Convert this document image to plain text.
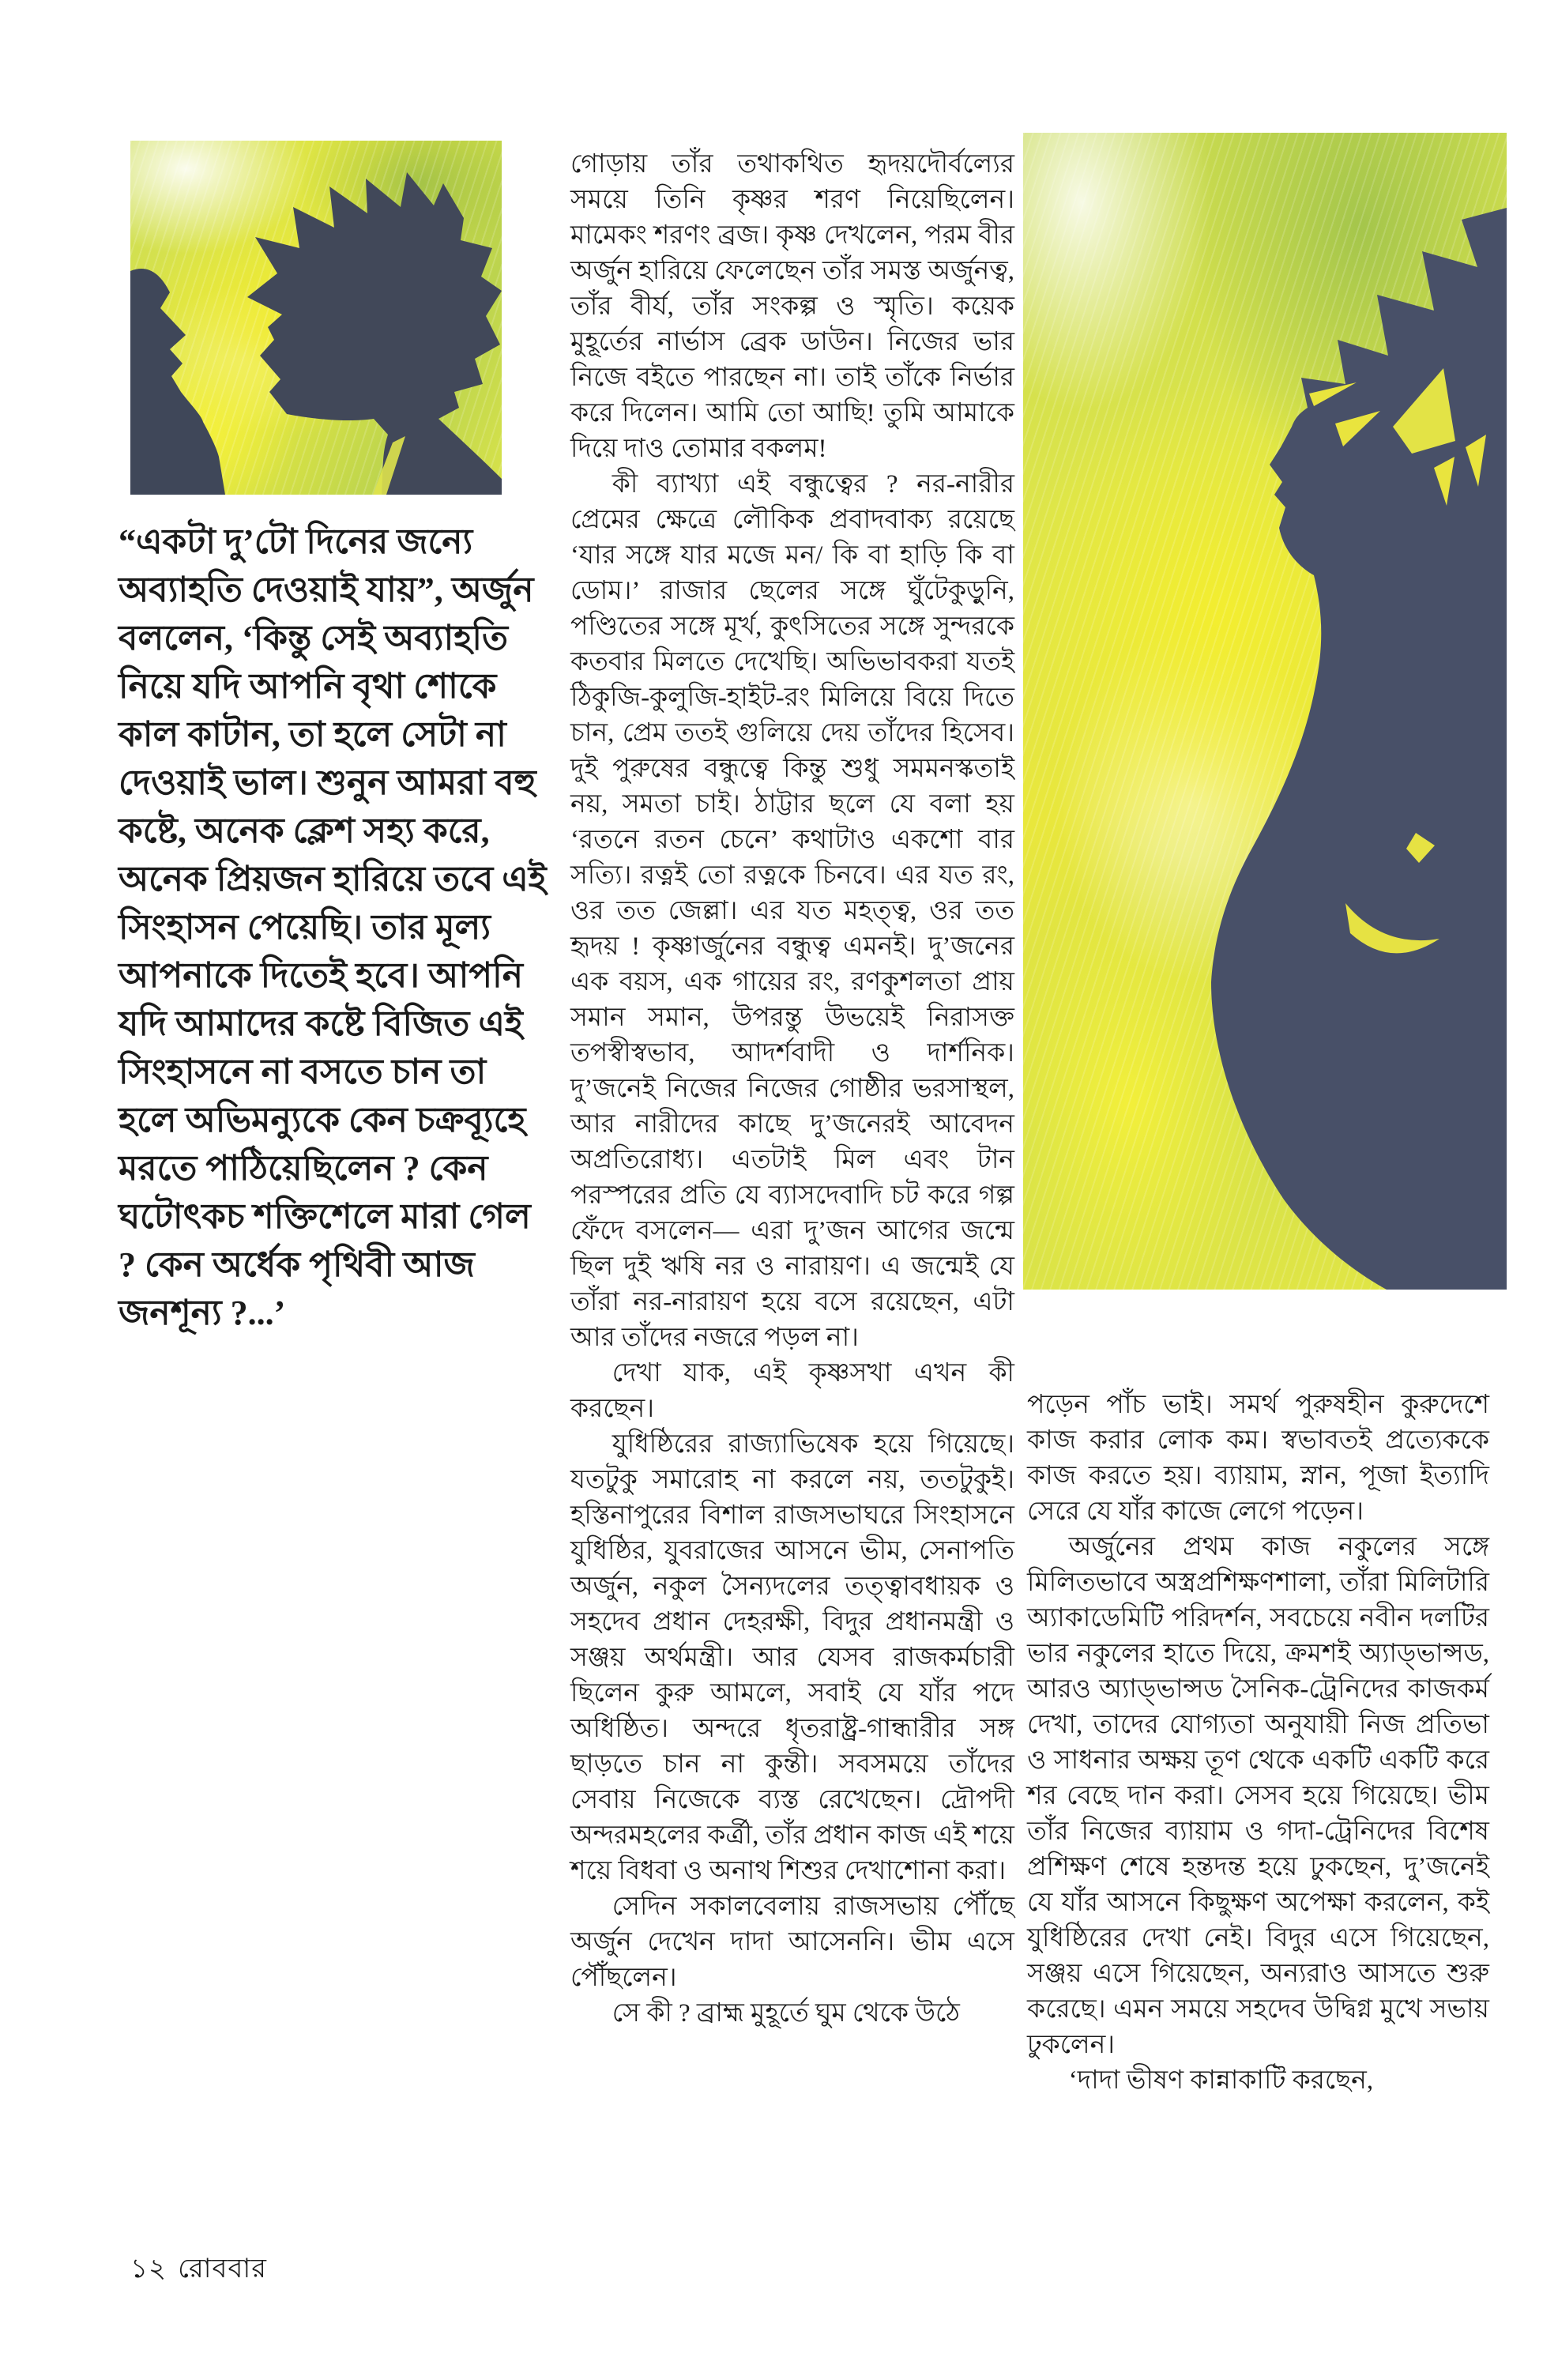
“একটা দু’টো দিনের জন্যে অব্যাহতি দেওয়াই যায়”, অর্জুন বললেন, ‘কিন্তু সেই অব্যাহতি নিয়ে যদি আপনি বৃথা শোকে কাল কাটান, তা হলে সেটা না দেওয়াই ভাল। শুনুন আমরা বহু কষ্টে, অনেক ক্লেশ সহ্য করে, অনেক প্রিয়জন হারিয়ে তবে এই সিংহাসন পেয়েছি। তার মূল্য আপনাকে দিতেই হবে। আপনি যদি আমাদের কষ্টে বিজিত এই সিংহাসনে না বসতে চান তা হলে অভিমন্যুকে কেন চক্রব্যূহে মরতে পাঠিয়েছিলেন ? কেন ঘটোৎকচ শক্তিশেলে মারা গেল ? কেন অর্ধেক পৃথিবী আজ জনশূন্য ?...’

গোড়ায় তাঁর তথাকথিত হৃদয়দৌর্বল্যের সময়ে তিনি কৃষ্ণর শরণ নিয়েছিলেন। মামেকং শরণং ব্রজ। কৃষ্ণ দেখলেন, পরম বীর অর্জুন হারিয়ে ফেলেছেন তাঁর সমস্ত অর্জুনত্ব, তাঁর বীর্য, তাঁর সংকল্প ও স্মৃতি। কয়েক মুহূর্তের নার্ভাস ব্রেক ডাউন। নিজের ভার নিজে বইতে পারছেন না। তাই তাঁকে নির্ভার করে দিলেন। আমি তো আছি! তুমি আমাকে দিয়ে দাও তোমার বকলম!

কী ব্যাখ্যা এই বন্ধুত্বের ? নর-নারীর প্রেমের ক্ষেত্রে লৌকিক প্রবাদবাক্য রয়েছে ‘যার সঙ্গে যার মজে মন/ কি বা হাড়ি কি বা ডোম।’ রাজার ছেলের সঙ্গে ঘুঁটেকুড়ুনি, পণ্ডিতের সঙ্গে মূর্খ, কুৎসিতের সঙ্গে সুন্দরকে কতবার মিলতে দেখেছি। অভিভাবকরা যতই ঠিকুজি-কুলুজি-হাইট-রং মিলিয়ে বিয়ে দিতে চান, প্রেম ততই গুলিয়ে দেয় তাঁদের হিসেব। দুই পুরুষের বন্ধুত্বে কিন্তু শুধু সমমনস্কতাই নয়, সমতা চাই। ঠাট্টার ছলে যে বলা হয় ‘রতনে রতন চেনে’ কথাটাও একশো বার সত্যি। রত্নই তো রত্নকে চিনবে। এর যত রং, ওর তত জেল্লা। এর যত মহত্ত্ব, ওর তত হৃদয় ! কৃষ্ণার্জুনের বন্ধুত্ব এমনই। দু’জনের এক বয়স, এক গায়ের রং, রণকুশলতা প্রায় সমান সমান, উপরন্তু উভয়েই নিরাসক্ত তপস্বীস্বভাব, আদর্শবাদী ও দার্শনিক। দু’জনেই নিজের নিজের গোষ্ঠীর ভরসাস্থল, আর নারীদের কাছে দু’জনেরই আবেদন অপ্রতিরোধ্য। এতটাই মিল এবং টান পরস্পরের প্রতি যে ব্যাসদেবাদি চট করে গল্প ফেঁদে বসলেন— এরা দু’জন আগের জন্মে ছিল দুই ঋষি নর ও নারায়ণ। এ জন্মেই যে তাঁরা নর-নারায়ণ হয়ে বসে রয়েছেন, এটা আর তাঁদের নজরে পড়ল না।

দেখা যাক, এই কৃষ্ণসখা এখন কী করছেন।

যুধিষ্ঠিরের রাজ্যাভিষেক হয়ে গিয়েছে। যতটুকু সমারোহ না করলে নয়, ততটুকুই। হস্তিনাপুরের বিশাল রাজসভাঘরে সিংহাসনে যুধিষ্ঠির, যুবরাজের আসনে ভীম, সেনাপতি অর্জুন, নকুল সৈন্যদলের তত্ত্বাবধায়ক ও সহদেব প্রধান দেহরক্ষী, বিদুর প্রধানমন্ত্রী ও সঞ্জয় অর্থমন্ত্রী। আর যেসব রাজকর্মচারী ছিলেন কুরু আমলে, সবাই যে যাঁর পদে অধিষ্ঠিত। অন্দরে ধৃতরাষ্ট্র-গান্ধারীর সঙ্গ ছাড়তে চান না কুন্তী। সবসময়ে তাঁদের সেবায় নিজেকে ব্যস্ত রেখেছেন। দ্রৌপদী অন্দরমহলের কর্ত্রী, তাঁর প্রধান কাজ এই শয়ে শয়ে বিধবা ও অনাথ শিশুর দেখাশোনা করা।

সেদিন সকালবেলায় রাজসভায় পৌঁছে অর্জুন দেখেন দাদা আসেননি। ভীম এসে পৌঁছলেন।

সে কী ? ব্রাহ্ম মুহূর্তে ঘুম থেকে উঠে

পড়েন পাঁচ ভাই। সমর্থ পুরুষহীন কুরুদেশে কাজ করার লোক কম। স্বভাবতই প্রত্যেককে কাজ করতে হয়। ব্যায়াম, স্নান, পূজা ইত্যাদি সেরে যে যাঁর কাজে লেগে পড়েন।

অর্জুনের প্রথম কাজ নকুলের সঙ্গে মিলিতভাবে অস্ত্রপ্রশিক্ষণশালা, তাঁরা মিলিটারি অ্যাকাডেমিটি পরিদর্শন, সবচেয়ে নবীন দলটির ভার নকুলের হাতে দিয়ে, ক্রমশই অ্যাড্‌ভান্সড, আরও অ্যাড্‌ভান্সড সৈনিক-ট্রেনিদের কাজকর্ম দেখা, তাদের যোগ্যতা অনুযায়ী নিজ প্রতিভা ও সাধনার অক্ষয় তূণ থেকে একটি একটি করে শর বেছে দান করা। সেসব হয়ে গিয়েছে। ভীম তাঁর নিজের ব্যায়াম ও গদা-ট্রেনিদের বিশেষ প্রশিক্ষণ শেষে হন্তদন্ত হয়ে ঢুকছেন, দু’জনেই যে যাঁর আসনে কিছুক্ষণ অপেক্ষা করলেন, কই যুধিষ্ঠিরের দেখা নেই। বিদুর এসে গিয়েছেন, সঞ্জয় এসে গিয়েছেন, অন্যরাও আসতে শুরু করেছে। এমন সময়ে সহদেব উদ্বিগ্ন মুখে সভায় ঢুকলেন।

‘দাদা ভীষণ কান্নাকাটি করছেন,

১২ রোববার
